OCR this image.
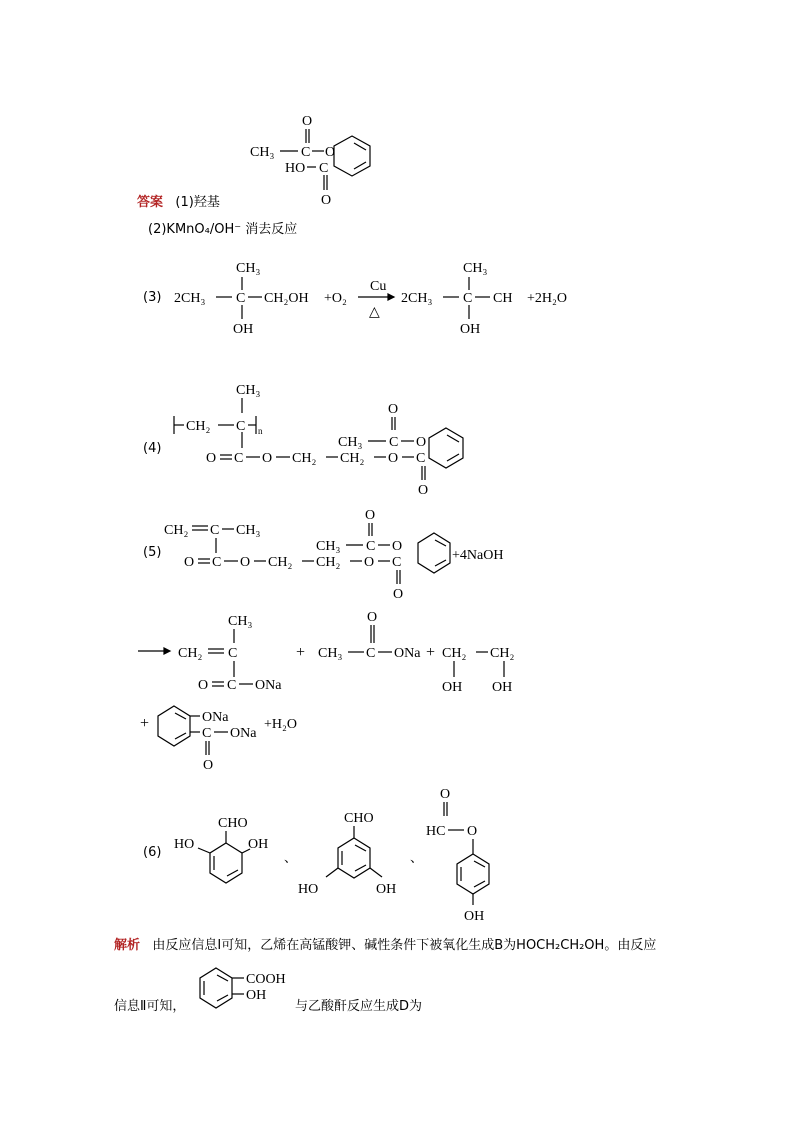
O
CH₃ C O
HO C
O
答案 (1)羟基
(2)KMnO₄/OH⁻ 消去反应
(3)
CH₃
2CH₃ C CH₂OH
OH
+O₂
Cu
△
CH₃
2CH₃ C CH
OH
+2H₂O
(4)
CH₃
CH₂ C n
O C O CH₂ CH₂ O C
O
O
CH₃ C O
(5)
CH₂ C CH₃
O C O CH₂ CH₂ O C
O
O
CH₃ C O
+4NaOH
CH₃
CH₂ C
O C ONa
+ CH₃ C
O
ONa + CH₂ CH₂
OH OH
+	ONa
C ONa
O
+H₂O
(6)
CHO
HO	OH
、
CHO
HO	OH
、
O
HC O
OH
解析 由反应信息Ⅰ可知，乙烯在高锰酸钾、碱性条件下被氧化生成B为HOCH₂CH₂OH。由反应
信息Ⅱ可知，
COOH
OH
与乙酸酐反应生成D为
